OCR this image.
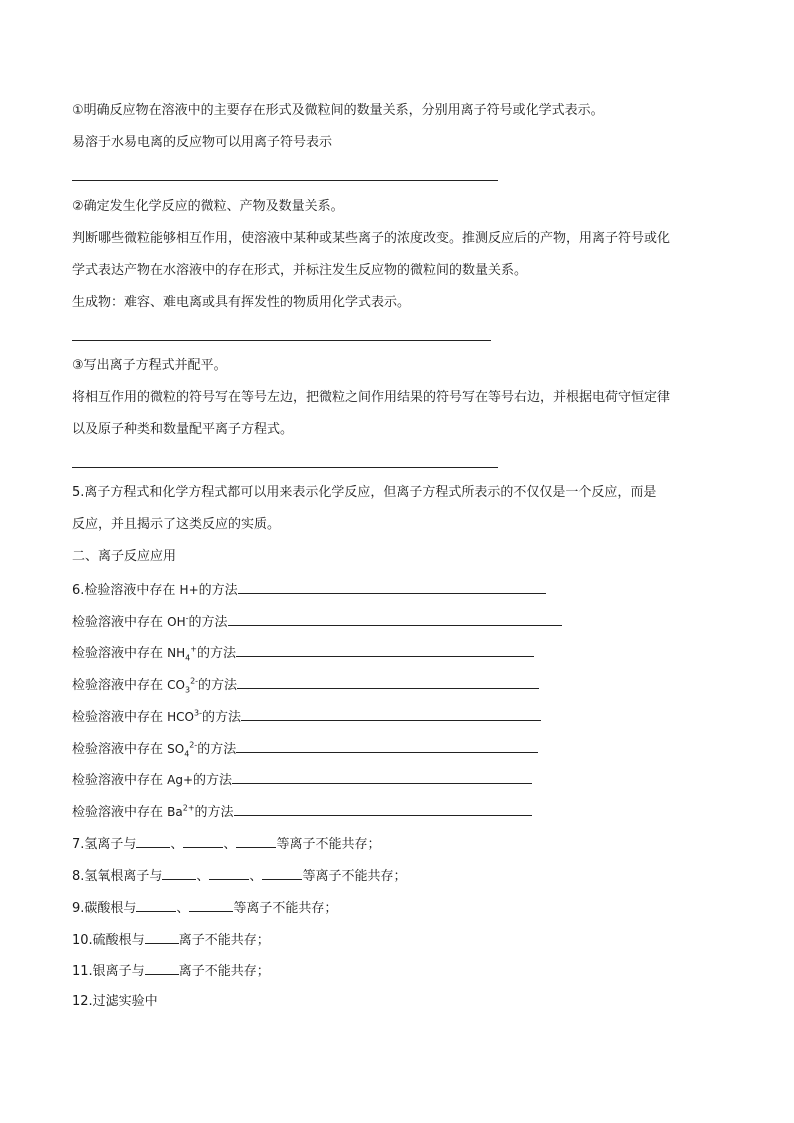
①明确反应物在溶液中的主要存在形式及微粒间的数量关系，分别用离子符号或化学式表示。
易溶于水易电离的反应物可以用离子符号表示
②确定发生化学反应的微粒、产物及数量关系。
判断哪些微粒能够相互作用，使溶液中某种或某些离子的浓度改变。推测反应后的产物，用离子符号或化
学式表达产物在水溶液中的存在形式，并标注发生反应物的微粒间的数量关系。
生成物：难容、难电离或具有挥发性的物质用化学式表示。
③写出离子方程式并配平。
将相互作用的微粒的符号写在等号左边，把微粒之间作用结果的符号写在等号右边，并根据电荷守恒定律
以及原子种类和数量配平离子方程式。
5.离子方程式和化学方程式都可以用来表示化学反应，但离子方程式所表示的不仅仅是一个反应，而是
反应，并且揭示了这类反应的实质。
二、离子反应应用
6.检验溶液中存在 H+的方法
检验溶液中存在 OH-的方法
检验溶液中存在 $NH_4^+$的方法
检验溶液中存在 $CO_3^{2-}$的方法
检验溶液中存在 $HCO^{3-}$的方法
检验溶液中存在 $SO_4^{2-}$的方法
检验溶液中存在 Ag+的方法
检验溶液中存在 $Ba^{2+}$的方法
7.氢离子与	、	、	等离子不能共存；
8.氢氧根离子与	、	、	等离子不能共存；
9.碳酸根与	、	等离子不能共存；
10.硫酸根与	离子不能共存；
11.银离子与	离子不能共存；
12.过滤实验中
